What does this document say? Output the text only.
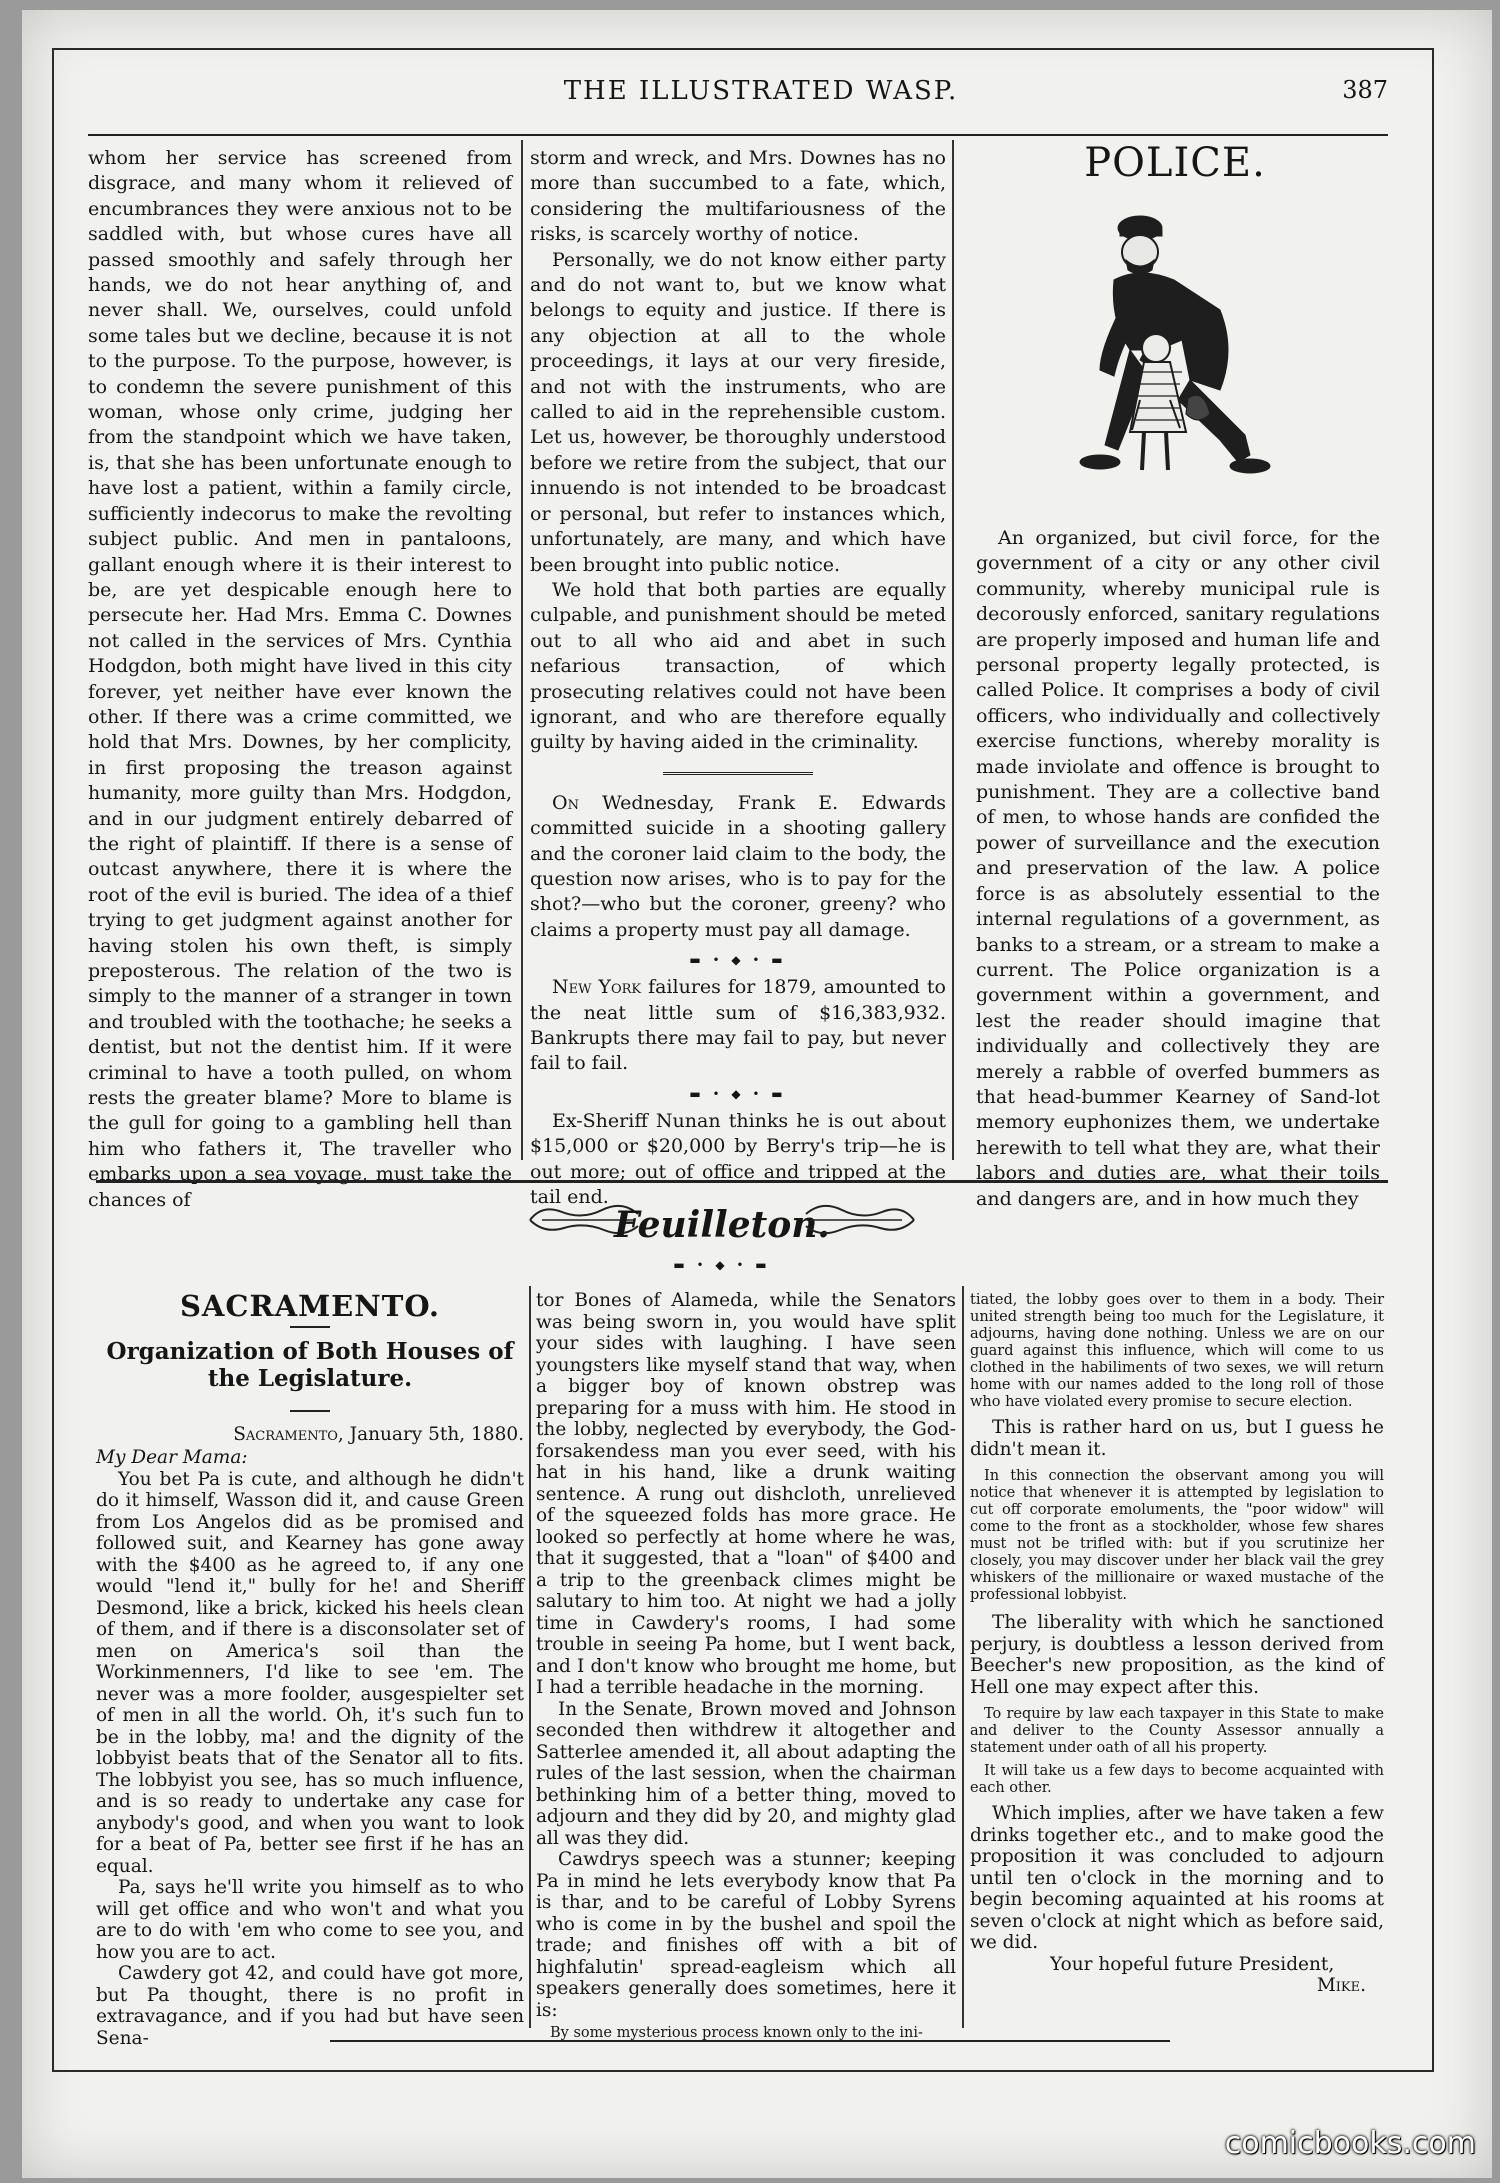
THE ILLUSTRATED WASP.	387

whom her service has screened from disgrace, and many whom it relieved of encumbrances they were anxious not to be saddled with, but whose cures have all passed smoothly and safely through her hands, we do not hear anything of, and never shall. We, ourselves, could unfold some tales but we decline, because it is not to the purpose. To the purpose, however, is to condemn the severe punishment of this woman, whose only crime, judging her from the standpoint which we have taken, is, that she has been unfortunate enough to have lost a patient, within a family circle, sufficiently indecorus to make the revolting subject public. And men in pantaloons, gallant enough where it is their interest to be, are yet despicable enough here to persecute her. Had Mrs. Emma C. Downes not called in the services of Mrs. Cynthia Hodgdon, both might have lived in this city forever, yet neither have ever known the other. If there was a crime committed, we hold that Mrs. Downes, by her complicity, in first proposing the treason against humanity, more guilty than Mrs. Hodgdon, and in our judgment entirely debarred of the right of plaintiff. If there is a sense of outcast anywhere, there it is where the root of the evil is buried. The idea of a thief trying to get judgment against another for having stolen his own theft, is simply preposterous. The relation of the two is simply to the manner of a stranger in town and troubled with the toothache; he seeks a dentist, but not the dentist him. If it were criminal to have a tooth pulled, on whom rests the greater blame? More to blame is the gull for going to a gambling hell than him who fathers it, The traveller who embarks upon a sea voyage, must take the chances of

storm and wreck, and Mrs. Downes has no more than succumbed to a fate, which, considering the multifariousness of the risks, is scarcely worthy of notice.

Personally, we do not know either party and do not want to, but we know what belongs to equity and justice. If there is any objection at all to the whole proceedings, it lays at our very fireside, and not with the instruments, who are called to aid in the reprehensible custom. Let us, however, be thoroughly understood before we retire from the subject, that our innuendo is not intended to be broadcast or personal, but refer to instances which, unfortunately, are many, and which have been brought into public notice.

We hold that both parties are equally culpable, and punishment should be meted out to all who aid and abet in such nefarious transaction, of which prosecuting relatives could not have been ignorant, and who are therefore equally guilty by having aided in the criminality.

On Wednesday, Frank E. Edwards committed suicide in a shooting gallery and the coroner laid claim to the body, the question now arises, who is to pay for the shot?—who but the coroner, greeny? who claims a property must pay all damage.

▬ • ◆ • ▬

New York failures for 1879, amounted to the neat little sum of $16,383,932. Bankrupts there may fail to pay, but never fail to fail.

▬ • ◆ • ▬

Ex-Sheriff Nunan thinks he is out about $15,000 or $20,000 by Berry's trip—he is out more; out of office and tripped at the tail end.

POLICE.

An organized, but civil force, for the government of a city or any other civil community, whereby municipal rule is decorously enforced, sanitary regulations are properly imposed and human life and personal property legally protected, is called Police. It comprises a body of civil officers, who individually and collectively exercise functions, whereby morality is made inviolate and offence is brought to punishment. They are a collective band of men, to whose hands are confided the power of surveillance and the execution and preservation of the law. A police force is as absolutely essential to the internal regulations of a government, as banks to a stream, or a stream to make a current. The Police organization is a government within a government, and lest the reader should imagine that individually and collectively they are merely a rabble of overfed bummers as that head-bummer Kearney of Sand-lot memory euphonizes them, we undertake herewith to tell what they are, what their labors and duties are, what their toils and dangers are, and in how much they

Feuilleton.
▬ • ◆ • ▬
SACRAMENTO.
Organization of Both Houses of the Legislature.
Sacramento, January 5th, 1880.
My Dear Mama:

You bet Pa is cute, and although he didn't do it himself, Wasson did it, and cause Green from Los Angelos did as be promised and followed suit, and Kearney has gone away with the $400 as he agreed to, if any one would "lend it," bully for he! and Sheriff Desmond, like a brick, kicked his heels clean of them, and if there is a disconsolater set of men on America's soil than the Workinmenners, I'd like to see 'em. The never was a more foolder, ausgespielter set of men in all the world. Oh, it's such fun to be in the lobby, ma! and the dignity of the lobbyist beats that of the Senator all to fits. The lobbyist you see, has so much influence, and is so ready to undertake any case for anybody's good, and when you want to look for a beat of Pa, better see first if he has an equal.

Pa, says he'll write you himself as to who will get office and who won't and what you are to do with 'em who come to see you, and how you are to act.

Cawdery got 42, and could have got more, but Pa thought, there is no profit in extravagance, and if you had but have seen Sena-

tor Bones of Alameda, while the Senators was being sworn in, you would have split your sides with laughing. I have seen youngsters like myself stand that way, when a bigger boy of known obstrep was preparing for a muss with him. He stood in the lobby, neglected by everybody, the God-forsakendess man you ever seed, with his hat in his hand, like a drunk waiting sentence. A rung out dishcloth, unrelieved of the squeezed folds has more grace. He looked so perfectly at home where he was, that it suggested, that a "loan" of $400 and a trip to the greenback climes might be salutary to him too. At night we had a jolly time in Cawdery's rooms, I had some trouble in seeing Pa home, but I went back, and I don't know who brought me home, but I had a terrible headache in the morning.

In the Senate, Brown moved and Johnson seconded then withdrew it altogether and Satterlee amended it, all about adapting the rules of the last session, when the chairman bethinking him of a better thing, moved to adjourn and they did by 20, and mighty glad all was they did.

Cawdrys speech was a stunner; keeping Pa in mind he lets everybody know that Pa is thar, and to be careful of Lobby Syrens who is come in by the bushel and spoil the trade; and finishes off with a bit of highfalutin' spread-eagleism which all speakers generally does sometimes, here it is:

By some mysterious process known only to the ini-

tiated, the lobby goes over to them in a body. Their united strength being too much for the Legislature, it adjourns, having done nothing. Unless we are on our guard against this influence, which will come to us clothed in the habiliments of two sexes, we will return home with our names added to the long roll of those who have violated every promise to secure election.

This is rather hard on us, but I guess he didn't mean it.

In this connection the observant among you will notice that whenever it is attempted by legislation to cut off corporate emoluments, the "poor widow" will come to the front as a stockholder, whose few shares must not be trifled with: but if you scrutinize her closely, you may discover under her black vail the grey whiskers of the millionaire or waxed mustache of the professional lobbyist.

The liberality with which he sanctioned perjury, is doubtless a lesson derived from Beecher's new proposition, as the kind of Hell one may expect after this.

To require by law each taxpayer in this State to make and deliver to the County Assessor annually a statement under oath of all his property.

It will take us a few days to become acquainted with each other.

Which implies, after we have taken a few drinks together etc., and to make good the proposition it was concluded to adjourn until ten o'clock in the morning and to begin becoming aquainted at his rooms at seven o'clock at night which as before said, we did.

Your hopeful future President,

Mike.
comicbooks.com
